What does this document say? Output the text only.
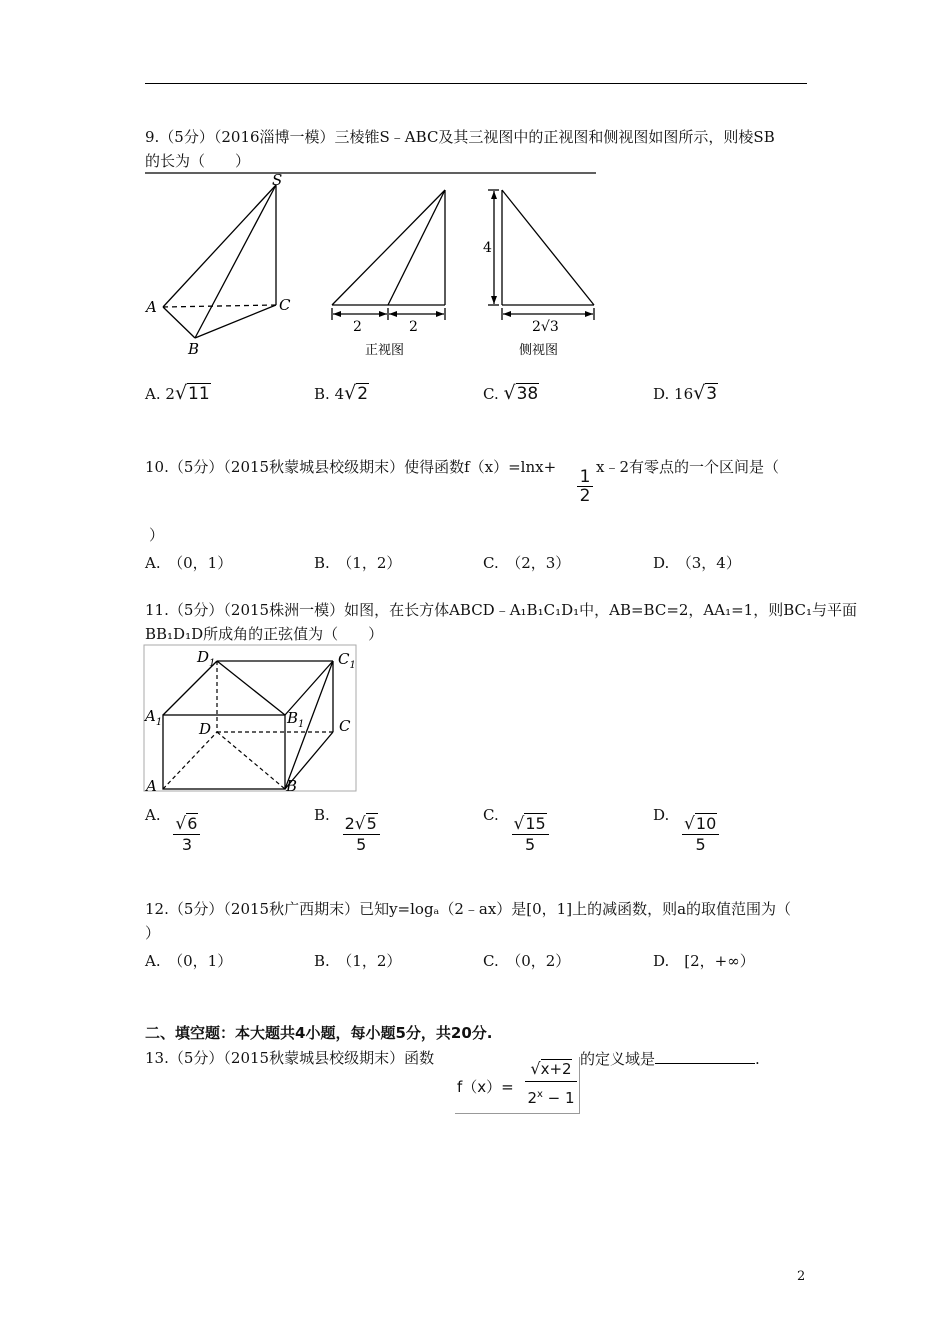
9.（5分）（2016淄博一模）三棱锥S﹣ABC及其三视图中的正视图和侧视图如图所示，则棱SB
的长为（　　）
S
A
B
C
2	2
正视图
4
2√3
侧视图
A. 2√11	B. 4√2	C. √38	D. 16√3
10.（5分）（2015秋蒙城县校级期末）使得函数f（x）=lnx+ 1
2
x﹣2有零点的一个区间是（
）
A.　（0，1）	B.　（1，2）	C.　（2，3）	D.　（3，4）
11.（5分）（2015株洲一模）如图，在长方体ABCD﹣A₁B₁C₁D₁中，AB=BC=2，AA₁=1，则BC₁与平面
BB₁D₁D所成角的正弦值为（　　）
$D_1$	$C_1$
$A_1$	$B_1$
D	C
A	B
A. $\frac{√6}{3}$	B. $\frac{2√5}{5}$	C. $\frac{√15}{5}$	D. $\frac{√10}{5}$
12.（5分）（2015秋广西期末）已知y=logₐ（2﹣ax）是[0，1]上的减函数，则a的取值范围为（
）
A.　（0，1）	B.　（1，2）	C.　（0，2）	D.　[2，+∞）
二、填空题：本大题共4小题，每小题5分，共20分.
13.（5分）（2015秋蒙城县校级期末）函数	的定义域是	.
f（x）=
√x+2
$2^x - 1$
2
